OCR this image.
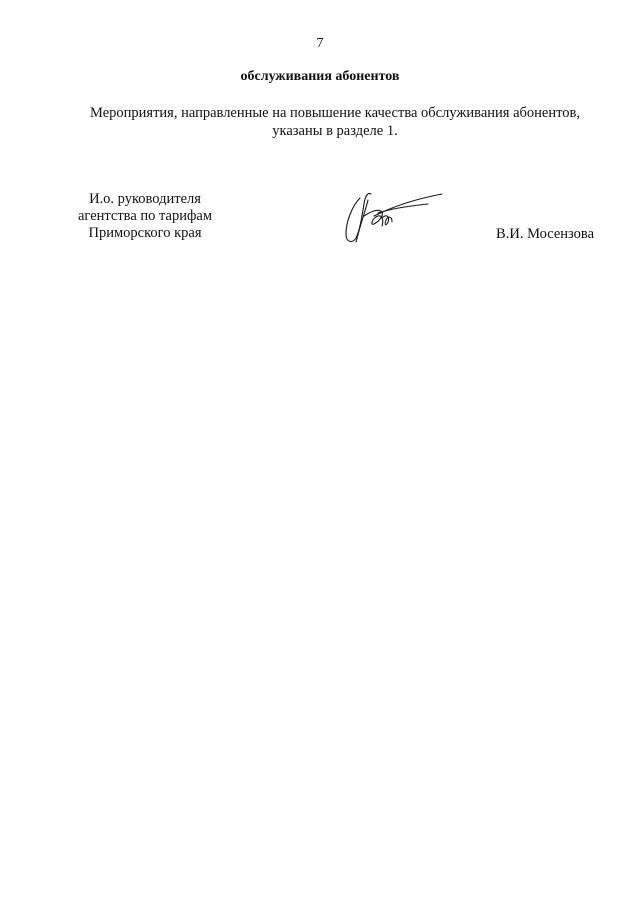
7
обслуживания абонентов
Мероприятия, направленные на повышение качества обслуживания абонентов,
указаны в разделе 1.
И.о. руководителя
агентства по тарифам
Приморского края	В.И. Мосензова
